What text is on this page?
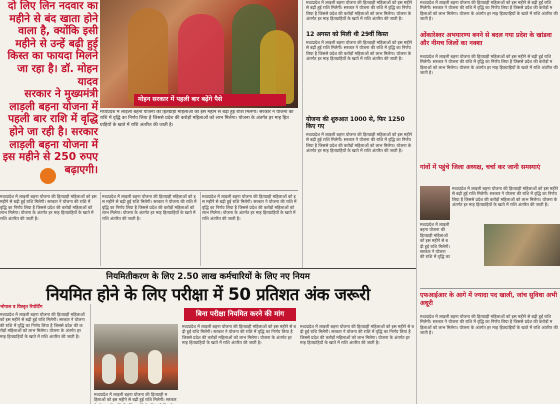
दो लिए लिन नदवार का
महीने से बंद खाता होने
वाला है, क्योंकि इसी
महीने से उन्हें बढ़ी हुई
किस्त का फायदा मिलने
जा रहा है। डॉ. मोहन यादव
सरकार ने मुख्यमंत्री
लाड़ली बहना योजना में
पहली बार राशि में वृद्धि
होने जा रही है। सरकार
लाड़ली बहना योजना में
इस महीने से 250 रुपए
बढ़ाएगी।
मोहन सरकार में पहली बार बढ़ेंगे पैसे
मध्यप्रदेश में लाड़ली बहना योजना की हितग्राही महिलाओं को इस महीने से बढ़ी हुई राशि मिलेगी। सरकार ने योजना की राशि में वृद्धि का निर्णय लिया है जिससे प्रदेश की करोड़ों महिलाओं को लाभ मिलेगा। योजना के अंतर्गत हर माह हितग्राहियों के खाते में राशि अंतरित की जाती है।
मध्यप्रदेश में लाड़ली बहना योजना की हितग्राही महिलाओं को इस महीने से बढ़ी हुई राशि मिलेगी। सरकार ने योजना की राशि में वृद्धि का निर्णय लिया है जिससे प्रदेश की करोड़ों महिलाओं को लाभ मिलेगा। योजना के अंतर्गत हर माह हितग्राहियों के खाते में राशि अंतरित की जाती है।
मध्यप्रदेश में लाड़ली बहना योजना की हितग्राही महिलाओं को इस महीने से बढ़ी हुई राशि मिलेगी। सरकार ने योजना की राशि में वृद्धि का निर्णय लिया है जिससे प्रदेश की करोड़ों महिलाओं को लाभ मिलेगा। योजना के अंतर्गत हर माह हितग्राहियों के खाते में राशि अंतरित की जाती है।
मध्यप्रदेश में लाड़ली बहना योजना की हितग्राही महिलाओं को इस महीने से बढ़ी हुई राशि मिलेगी। सरकार ने योजना की राशि में वृद्धि का निर्णय लिया है जिससे प्रदेश की करोड़ों महिलाओं को लाभ मिलेगा। योजना के अंतर्गत हर माह हितग्राहियों के खाते में राशि अंतरित की जाती है।
मध्यप्रदेश में लाड़ली बहना योजना की हितग्राही महिलाओं को इस महीने से बढ़ी हुई राशि मिलेगी। सरकार ने योजना की राशि में वृद्धि का निर्णय लिया है जिससे प्रदेश की करोड़ों महिलाओं को लाभ मिलेगा। योजना के अंतर्गत हर माह हितग्राहियों के खाते में राशि अंतरित की जाती है।
12 अगस्त को मिली थी 29वीं किस्त
मध्यप्रदेश में लाड़ली बहना योजना की हितग्राही महिलाओं को इस महीने से बढ़ी हुई राशि मिलेगी। सरकार ने योजना की राशि में वृद्धि का निर्णय लिया है जिससे प्रदेश की करोड़ों महिलाओं को लाभ मिलेगा। योजना के अंतर्गत हर माह हितग्राहियों के खाते में राशि अंतरित की जाती है।
योजना की शुरुआत 1000 से, फिर 1250 किए गए
मध्यप्रदेश में लाड़ली बहना योजना की हितग्राही महिलाओं को इस महीने से बढ़ी हुई राशि मिलेगी। सरकार ने योजना की राशि में वृद्धि का निर्णय लिया है जिससे प्रदेश की करोड़ों महिलाओं को लाभ मिलेगा। योजना के अंतर्गत हर माह हितग्राहियों के खाते में राशि अंतरित की जाती है।
मध्यप्रदेश में लाड़ली बहना योजना की हितग्राही महिलाओं को इस महीने से बढ़ी हुई राशि मिलेगी। सरकार ने योजना की राशि में वृद्धि का निर्णय लिया है जिससे प्रदेश की करोड़ों महिलाओं को लाभ मिलेगा। योजना के अंतर्गत हर माह हितग्राहियों के खाते में राशि अंतरित की जाती है।
ओंकारेश्वर अभयारण्य बनने से बदल गया प्रदेश के खांडवा और नीमच जिलों का नक्शा
मध्यप्रदेश में लाड़ली बहना योजना की हितग्राही महिलाओं को इस महीने से बढ़ी हुई राशि मिलेगी। सरकार ने योजना की राशि में वृद्धि का निर्णय लिया है जिससे प्रदेश की करोड़ों महिलाओं को लाभ मिलेगा। योजना के अंतर्गत हर माह हितग्राहियों के खाते में राशि अंतरित की जाती है।
गांवों में पहुंचे जिला अध्यक्ष, चर्चा कर जानी समस्याएं
मध्यप्रदेश में लाड़ली बहना योजना की हितग्राही महिलाओं को इस महीने से बढ़ी हुई राशि मिलेगी। सरकार ने योजना की राशि में वृद्धि का निर्णय लिया है जिससे प्रदेश की करोड़ों महिलाओं को लाभ मिलेगा। योजना के अंतर्गत हर माह हितग्राहियों के खाते में राशि अंतरित की जाती है।
मध्यप्रदेश में लाड़ली बहना योजना की हितग्राही महिलाओं को इस महीने से बढ़ी हुई राशि मिलेगी। सरकार ने योजना की राशि में वृद्धि का
एफआईआर के आगे में ज्यादा पद खाली, जांच सुविधा अभी अधूरी
मध्यप्रदेश में लाड़ली बहना योजना की हितग्राही महिलाओं को इस महीने से बढ़ी हुई राशि मिलेगी। सरकार ने योजना की राशि में वृद्धि का निर्णय लिया है जिससे प्रदेश की करोड़ों महिलाओं को लाभ मिलेगा। योजना के अंतर्गत हर माह हितग्राहियों के खाते में राशि अंतरित की जाती है।
नियमितीकरण के लिए 2.50 लाख कर्मचारियों के लिए नए नियम
नियमित होने के लिए परीक्षा में 50 प्रतिशत अंक जरूरी
भोपाल व विस्तृत रिपोर्टिंग
मध्यप्रदेश में लाड़ली बहना योजना की हितग्राही महिलाओं को इस महीने से बढ़ी हुई राशि मिलेगी। सरकार ने योजना की राशि में वृद्धि का निर्णय लिया है जिससे प्रदेश की करोड़ों महिलाओं को लाभ मिलेगा। योजना के अंतर्गत हर माह हितग्राहियों के खाते में राशि अंतरित की जाती है।
बिना परीक्षा नियमित करने की मांग
मध्यप्रदेश में लाड़ली बहना योजना की हितग्राही महिलाओं को इस महीने से बढ़ी हुई राशि मिलेगी। सरकार
मध्यप्रदेश में लाड़ली बहना योजना की हितग्राही महिलाओं को इस महीने से बढ़ी हुई राशि मिलेगी। सरकार ने योजना की राशि में वृद्धि का निर्णय लिया है जिससे प्रदेश की करोड़ों महिलाओं को लाभ मिलेगा। योजना के अंतर्गत हर माह हितग्राहियों के खाते में राशि अंतरित की जाती है।
मध्यप्रदेश में लाड़ली बहना योजना की हितग्राही महिलाओं को इस महीने से बढ़ी हुई राशि मिलेगी। सरकार ने योजना की राशि में वृद्धि का निर्णय लिया है जिससे प्रदेश की करोड़ों महिलाओं को लाभ मिलेगा। योजना के अंतर्गत हर माह हितग्राहियों के खाते में राशि अंतरित की जाती है।
